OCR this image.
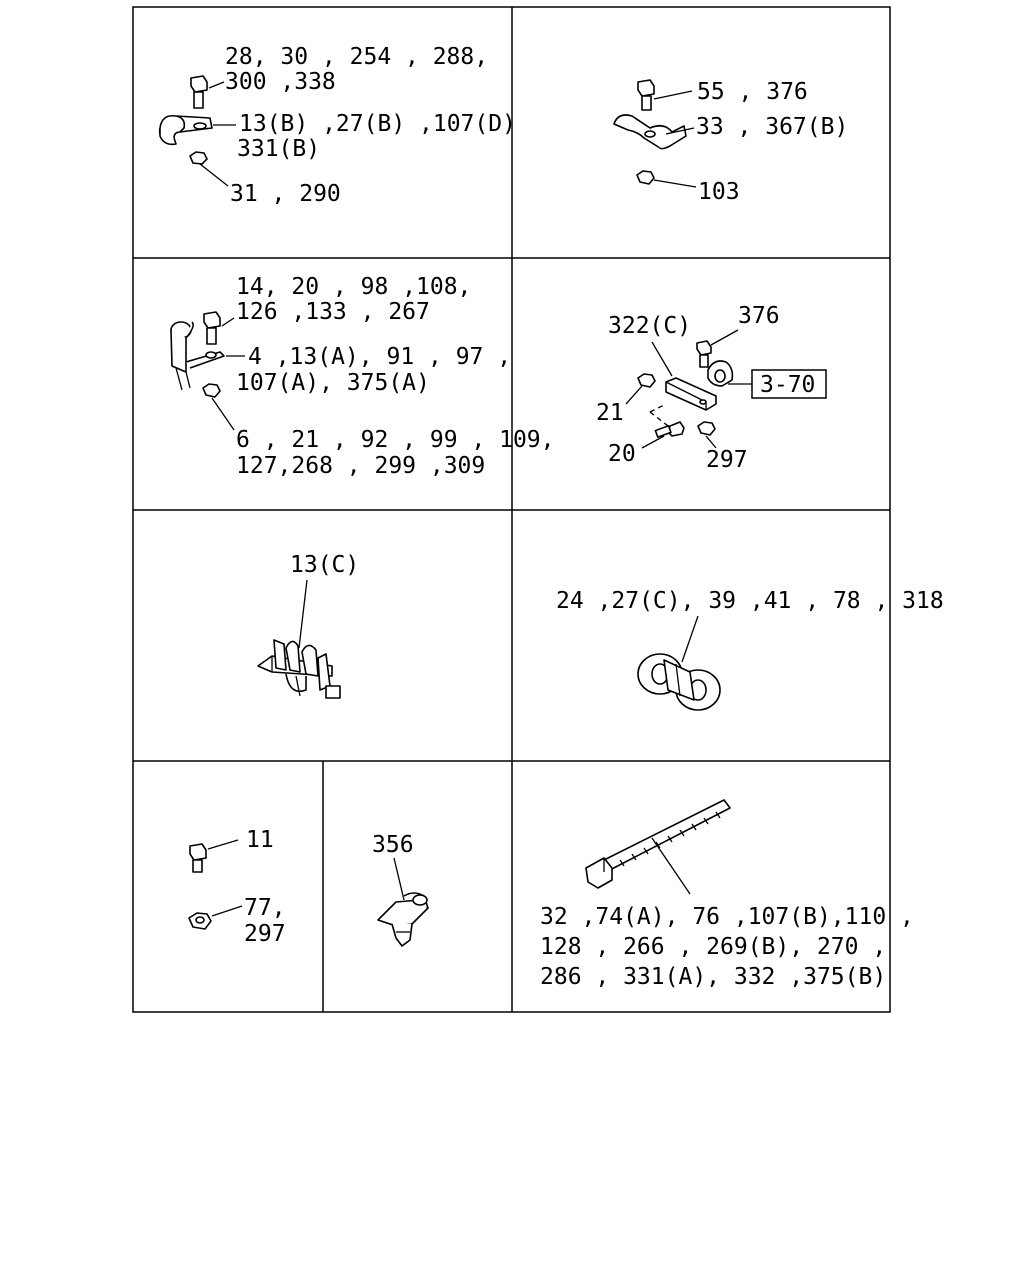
28, 30 , 254 , 288,
300 ,338
13(B) ,27(B) ,107(D)
331(B)
31 , 290
55 , 376
33 , 367(B)
103
14, 20 , 98 ,108,
126 ,133 , 267
4 ,13(A), 91 , 97 ,
107(A), 375(A)
6 , 21 , 92 , 99 , 109,
127,268 , 299 ,309
322(C) 376
3-70
21
20	297
13(C)
24 ,27(C), 39 ,41 , 78 , 318
11
77,
297
356
32 ,74(A), 76 ,107(B),110 ,
128 , 266 , 269(B), 270 ,
286 , 331(A), 332 ,375(B)
